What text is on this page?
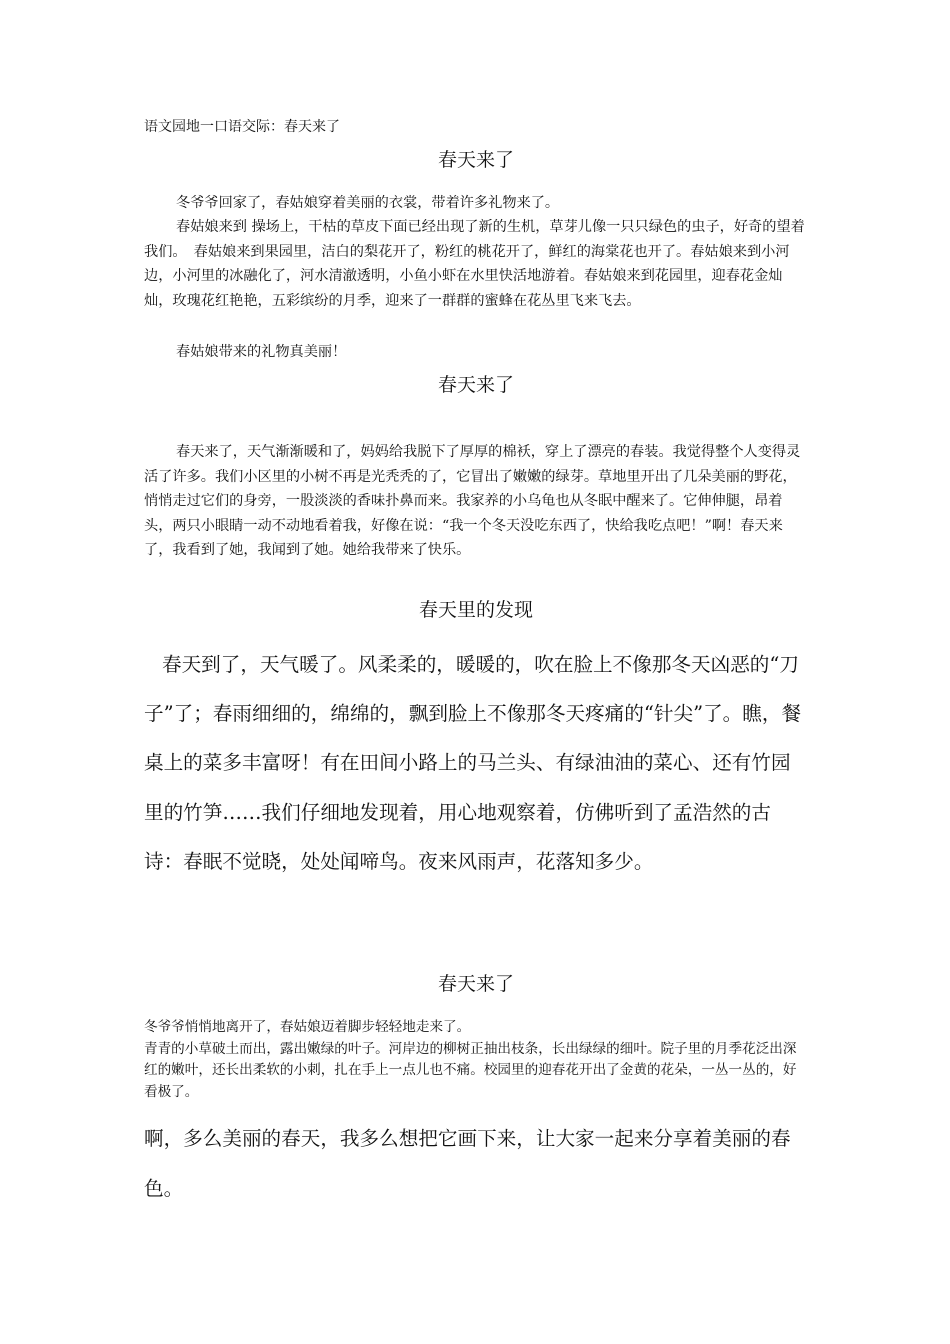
语文园地一口语交际：春天来了

春天来了

冬爷爷回家了，春姑娘穿着美丽的衣裳，带着许多礼物来了。

春姑娘来到 操场上，干枯的草皮下面已经出现了新的生机，草芽儿像一只只绿色的虫子，好奇的望着我们。　春姑娘来到果园里，洁白的梨花开了，粉红的桃花开了，鲜红的海棠花也开了。春姑娘来到小河边，小河里的冰融化了，河水清澈透明，小鱼小虾在水里快活地游着。春姑娘来到花园里，迎春花金灿灿，玫瑰花红艳艳，五彩缤纷的月季，迎来了一群群的蜜蜂在花丛里飞来飞去。

春姑娘带来的礼物真美丽！

春天来了

春天来了，天气渐渐暖和了，妈妈给我脱下了厚厚的棉袄，穿上了漂亮的春装。我觉得整个人变得灵活了许多。我们小区里的小树不再是光秃秃的了，它冒出了嫩嫩的绿芽。草地里开出了几朵美丽的野花，悄悄走过它们的身旁，一股淡淡的香味扑鼻而来。我家养的小乌龟也从冬眠中醒来了。它伸伸腿，昂着头，两只小眼睛一动不动地看着我，好像在说：“我一个冬天没吃东西了，快给我吃点吧！”啊！春天来了，我看到了她，我闻到了她。她给我带来了快乐。

春天里的发现

春天到了，天气暖了。风柔柔的，暖暖的，吹在脸上不像那冬天凶恶的“刀子”了；春雨细细的，绵绵的，飘到脸上不像那冬天疼痛的“针尖”了。瞧，餐桌上的菜多丰富呀！有在田间小路上的马兰头、有绿油油的菜心、还有竹园里的竹笋……我们仔细地发现着，用心地观察着，仿佛听到了孟浩然的古诗：春眠不觉晓，处处闻啼鸟。夜来风雨声，花落知多少。

春天来了

冬爷爷悄悄地离开了，春姑娘迈着脚步轻轻地走来了。

青青的小草破土而出，露出嫩绿的叶子。河岸边的柳树正抽出枝条，长出绿绿的细叶。院子里的月季花泛出深红的嫩叶，还长出柔软的小刺，扎在手上一点儿也不痛。校园里的迎春花开出了金黄的花朵，一丛一丛的，好看极了。

啊，多么美丽的春天，我多么想把它画下来，让大家一起来分享着美丽的春色。
